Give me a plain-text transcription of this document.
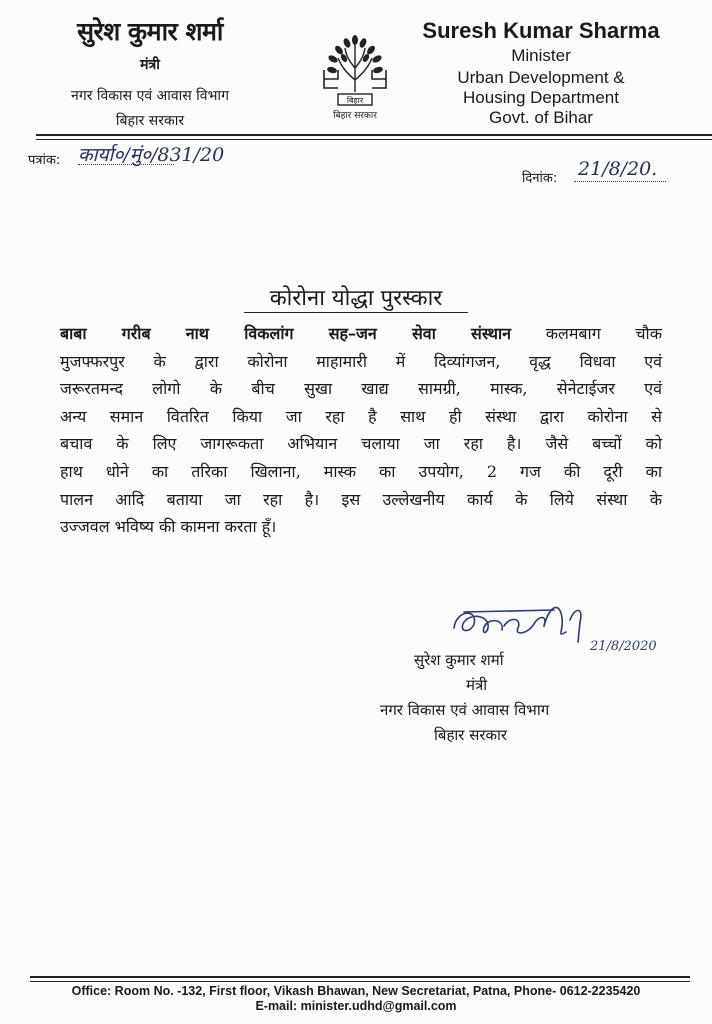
सुरेश कुमार शर्मा
मंत्री
नगर विकास एवं आवास विभाग
बिहार सरकार
बिहार
बिहार सरकार
Suresh Kumar Sharma
Minister
Urban Development &
Housing Department
Govt. of Bihar
पत्रांक: कार्या०/मुं०/831/20
दिनांक: 21/8/20.
कोरोना योद्धा पुरस्कार
बाबा गरीब नाथ विकलांग सह–जन सेवा संस्थान कलमबाग चौक
मुजफ्फरपुर के द्वारा कोरोना माहामारी में दिव्यांगजन, वृद्ध विधवा एवं
जरूरतमन्द लोगो के बीच सुखा खाद्य सामग्री, मास्क, सेनेटाईजर एवं
अन्य समान वितरित किया जा रहा है साथ ही संस्था द्वारा कोरोना से
बचाव के लिए जागरूकता अभियान चलाया जा रहा है। जैसे बच्चों को
हाथ धोने का तरिका खिलाना, मास्क का उपयोग, 2 गज की दूरी का
पालन आदि बताया जा रहा है। इस उल्लेखनीय कार्य के लिये संस्था के
उज्जवल भविष्य की कामना करता हूँ।
21/8/2020
सुरेश कुमार शर्मा
मंत्री
नगर विकास एवं आवास विभाग
बिहार सरकार
Office: Room No. -132, First floor, Vikash Bhawan, New Secretariat, Patna, Phone- 0612-2235420
E-mail: minister.udhd@gmail.com
